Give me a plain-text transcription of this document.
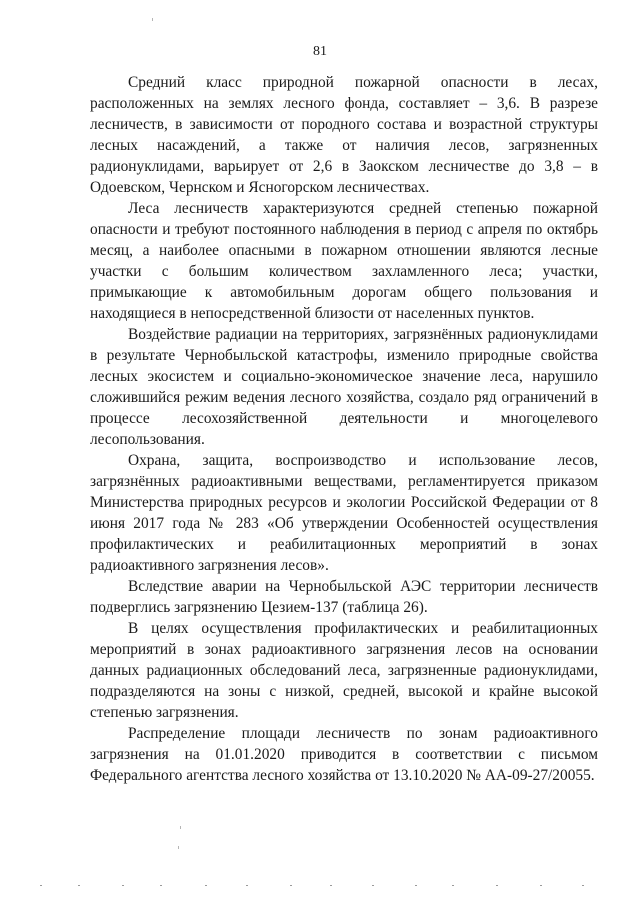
81

Средний класс природной пожарной опасности в лесах, расположенных на землях лесного фонда, составляет – 3,6. В разрезе лесничеств, в зависимости от породного состава и возрастной структуры лесных насаждений, а также от наличия лесов, загрязненных радионуклидами, варьирует от 2,6 в Заокском лесничестве до 3,8 – в Одоевском, Чернском и Ясногорском лесничествах.

Леса лесничеств характеризуются средней степенью пожарной опасности и требуют постоянного наблюдения в период с апреля по октябрь месяц, а наиболее опасными в пожарном отношении являются лесные участки с большим количеством захламленного леса; участки, примыкающие к автомобильным дорогам общего пользования и находящиеся в непосредственной близости от населенных пунктов.

Воздействие радиации на территориях, загрязнённых радионуклидами в результате Чернобыльской катастрофы, изменило природные свойства лесных экосистем и социально-экономическое значение леса, нарушило сложившийся режим ведения лесного хозяйства, создало ряд ограничений в процессе лесохозяйственной деятельности и многоцелевого лесопользования.

Охрана, защита, воспроизводство и использование лесов, загрязнённых радиоактивными веществами, регламентируется приказом Министерства природных ресурсов и экологии Российской Федерации от 8 июня 2017 года № 283 «Об утверждении Особенностей осуществления профилактических и реабилитационных мероприятий в зонах радиоактивного загрязнения лесов».

Вследствие аварии на Чернобыльской АЭС территории лесничеств подверглись загрязнению Цезием-137 (таблица 26).

В целях осуществления профилактических и реабилитационных мероприятий в зонах радиоактивного загрязнения лесов на основании данных радиационных обследований леса, загрязненные радионуклидами, подразделяются на зоны с низкой, средней, высокой и крайне высокой степенью загрязнения.

Распределение площади лесничеств по зонам радиоактивного загрязнения на 01.01.2020 приводится в соответствии с письмом Федерального агентства лесного хозяйства от 13.10.2020 № АА-09-27/20055.
